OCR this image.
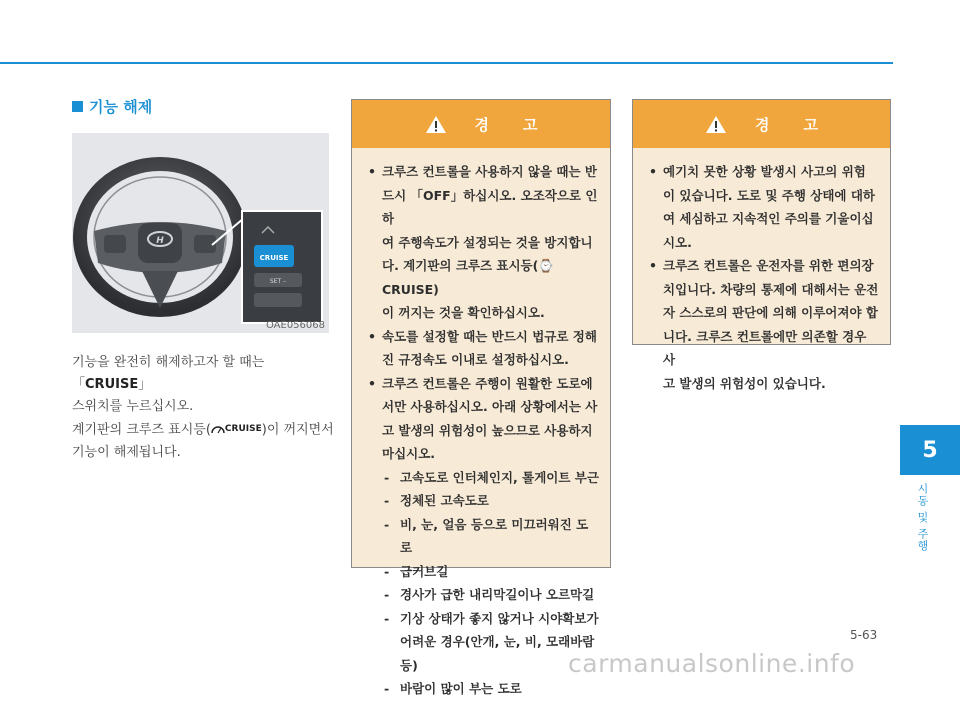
기능 해제
H
CRUISE
SET –
OAE056068
기능을 완전히 해제하고자 할 때는 「CRUISE」
스위치를 누르십시오.
계기판의 크루즈 표시등( CRUISE )이 꺼지면서
기능이 해제됩니다.
경 고
• 크루즈 컨트롤을 사용하지 않을 때는 반
드시 「OFF」하십시오. 오조작으로 인하
여 주행속도가 설정되는 것을 방지합니
다. 계기판의 크루즈 표시등(⌚CRUISE)
이 꺼지는 것을 확인하십시오.
• 속도를 설정할 때는 반드시 법규로 정해
진 규정속도 이내로 설정하십시오.
• 크루즈 컨트롤은 주행이 원활한 도로에
서만 사용하십시오. 아래 상황에서는 사
고 발생의 위험성이 높으므로 사용하지
마십시오.
- 고속도로 인터체인지, 톨게이트 부근
- 정체된 고속도로
- 비, 눈, 얼음 등으로 미끄러워진 도로
- 급커브길
- 경사가 급한 내리막길이나 오르막길
- 기상 상태가 좋지 않거나 시야확보가
어려운 경우(안개, 눈, 비, 모래바람 등)
- 바람이 많이 부는 도로
경 고
• 예기치 못한 상황 발생시 사고의 위험
이 있습니다. 도로 및 주행 상태에 대하
여 세심하고 지속적인 주의를 기울이십
시오.
• 크루즈 컨트롤은 운전자를 위한 편의장
치입니다. 차량의 통제에 대해서는 운전
자 스스로의 판단에 의해 이루어져야 합
니다. 크루즈 컨트롤에만 의존할 경우 사
고 발생의 위험성이 있습니다.
5
시동 및 주행
5-63
carmanualsonline.info
